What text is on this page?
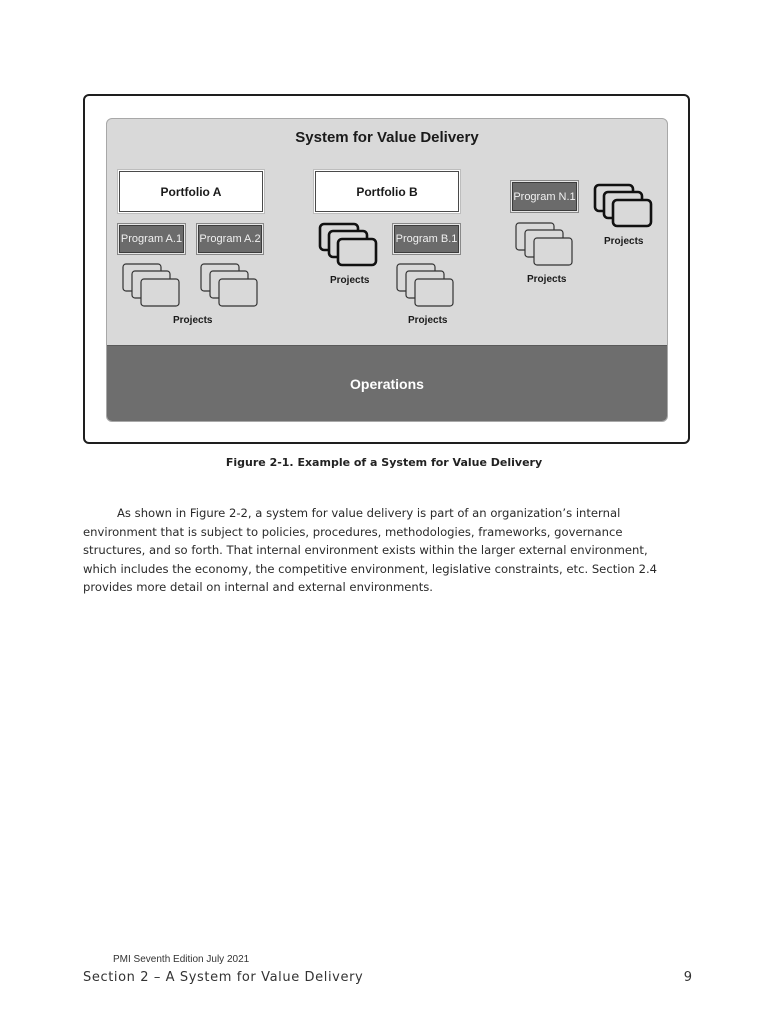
System for Value Delivery
Portfolio A	Portfolio B
Program A.1 Program A.2	Program B.1
Program N.1
Projects	Projects
Projects
Projects
Projects
Operations
Figure 2-1. Example of a System for Value Delivery
As shown in Figure 2-2, a system for value delivery is part of an organization’s internal
environment that is subject to policies, procedures, methodologies, frameworks, governance
structures, and so forth. That internal environment exists within the larger external environment,
which includes the economy, the competitive environment, legislative constraints, etc. Section 2.4
provides more detail on internal and external environments.
PMI Seventh Edition July 2021
Section 2 – A System for Value Delivery	9
